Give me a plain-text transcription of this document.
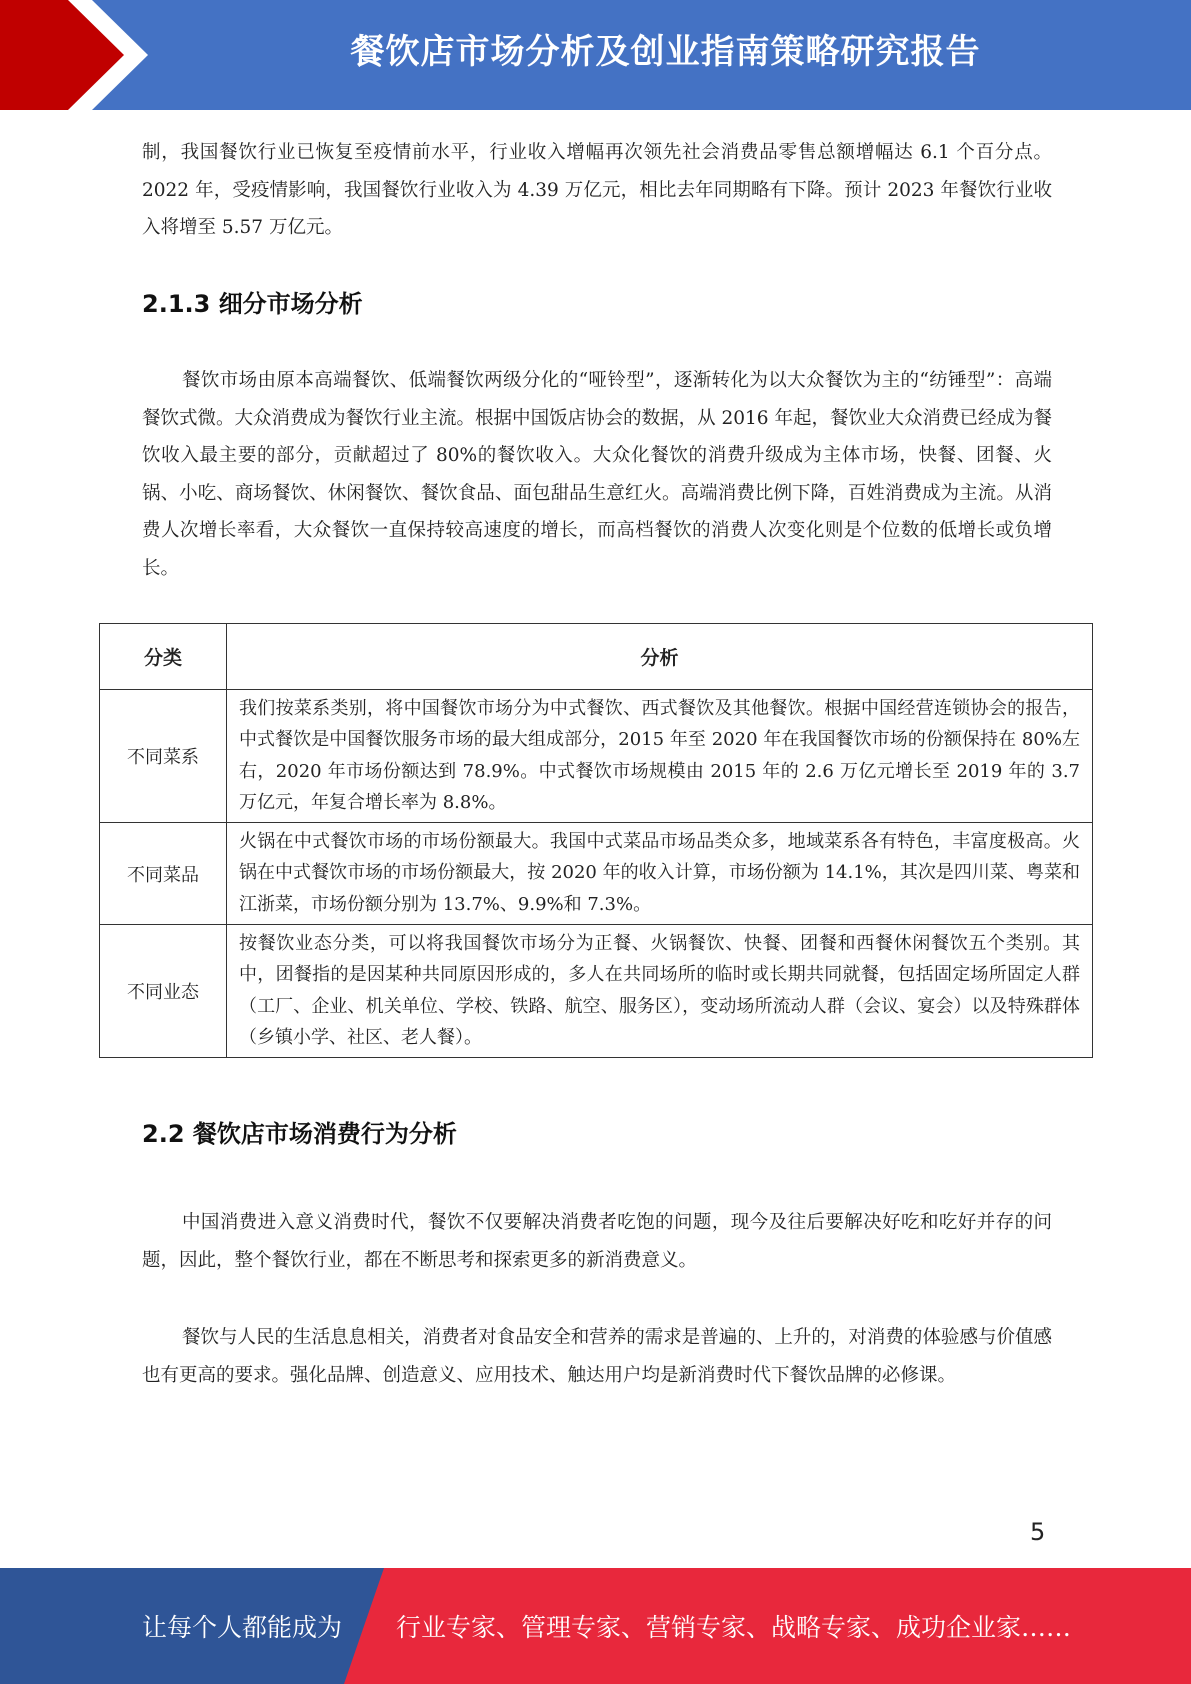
餐饮店市场分析及创业指南策略研究报告

制，我国餐饮行业已恢复至疫情前水平，行业收入增幅再次领先社会消费品零售总额增幅达 6.1 个百分点。2022 年，受疫情影响，我国餐饮行业收入为 4.39 万亿元，相比去年同期略有下降。预计 2023 年餐饮行业收入将增至 5.57 万亿元。

2.1.3 细分市场分析

餐饮市场由原本高端餐饮、低端餐饮两级分化的“哑铃型”，逐渐转化为以大众餐饮为主的“纺锤型”：高端餐饮式微。大众消费成为餐饮行业主流。根据中国饭店协会的数据，从 2016 年起，餐饮业大众消费已经成为餐饮收入最主要的部分，贡献超过了 80%的餐饮收入。大众化餐饮的消费升级成为主体市场，快餐、团餐、火锅、小吃、商场餐饮、休闲餐饮、餐饮食品、面包甜品生意红火。高端消费比例下降，百姓消费成为主流。从消费人次增长率看，大众餐饮一直保持较高速度的增长，而高档餐饮的消费人次变化则是个位数的低增长或负增长。

分类	分析
不同菜系	我们按菜系类别，将中国餐饮市场分为中式餐饮、西式餐饮及其他餐饮。根据中国经营连锁协会的报告，中式餐饮是中国餐饮服务市场的最大组成部分，2015 年至 2020 年在我国餐饮市场的份额保持在 80%左右，2020 年市场份额达到 78.9%。中式餐饮市场规模由 2015 年的 2.6 万亿元增长至 2019 年的 3.7 万亿元，年复合增长率为 8.8%。
不同菜品	火锅在中式餐饮市场的市场份额最大。我国中式菜品市场品类众多，地域菜系各有特色，丰富度极高。火锅在中式餐饮市场的市场份额最大，按 2020 年的收入计算，市场份额为 14.1%，其次是四川菜、粤菜和江浙菜，市场份额分别为 13.7%、9.9%和 7.3%。
不同业态	按餐饮业态分类，可以将我国餐饮市场分为正餐、火锅餐饮、快餐、团餐和西餐休闲餐饮五个类别。其中，团餐指的是因某种共同原因形成的，多人在共同场所的临时或长期共同就餐，包括固定场所固定人群（工厂、企业、机关单位、学校、铁路、航空、服务区），变动场所流动人群（会议、宴会）以及特殊群体（乡镇小学、社区、老人餐）。
2.2 餐饮店市场消费行为分析

中国消费进入意义消费时代，餐饮不仅要解决消费者吃饱的问题，现今及往后要解决好吃和吃好并存的问题，因此，整个餐饮行业，都在不断思考和探索更多的新消费意义。

餐饮与人民的生活息息相关，消费者对食品安全和营养的需求是普遍的、上升的，对消费的体验感与价值感也有更高的要求。强化品牌、创造意义、应用技术、触达用户均是新消费时代下餐饮品牌的必修课。

5
让每个人都能成为 行业专家、管理专家、营销专家、战略专家、成功企业家……
